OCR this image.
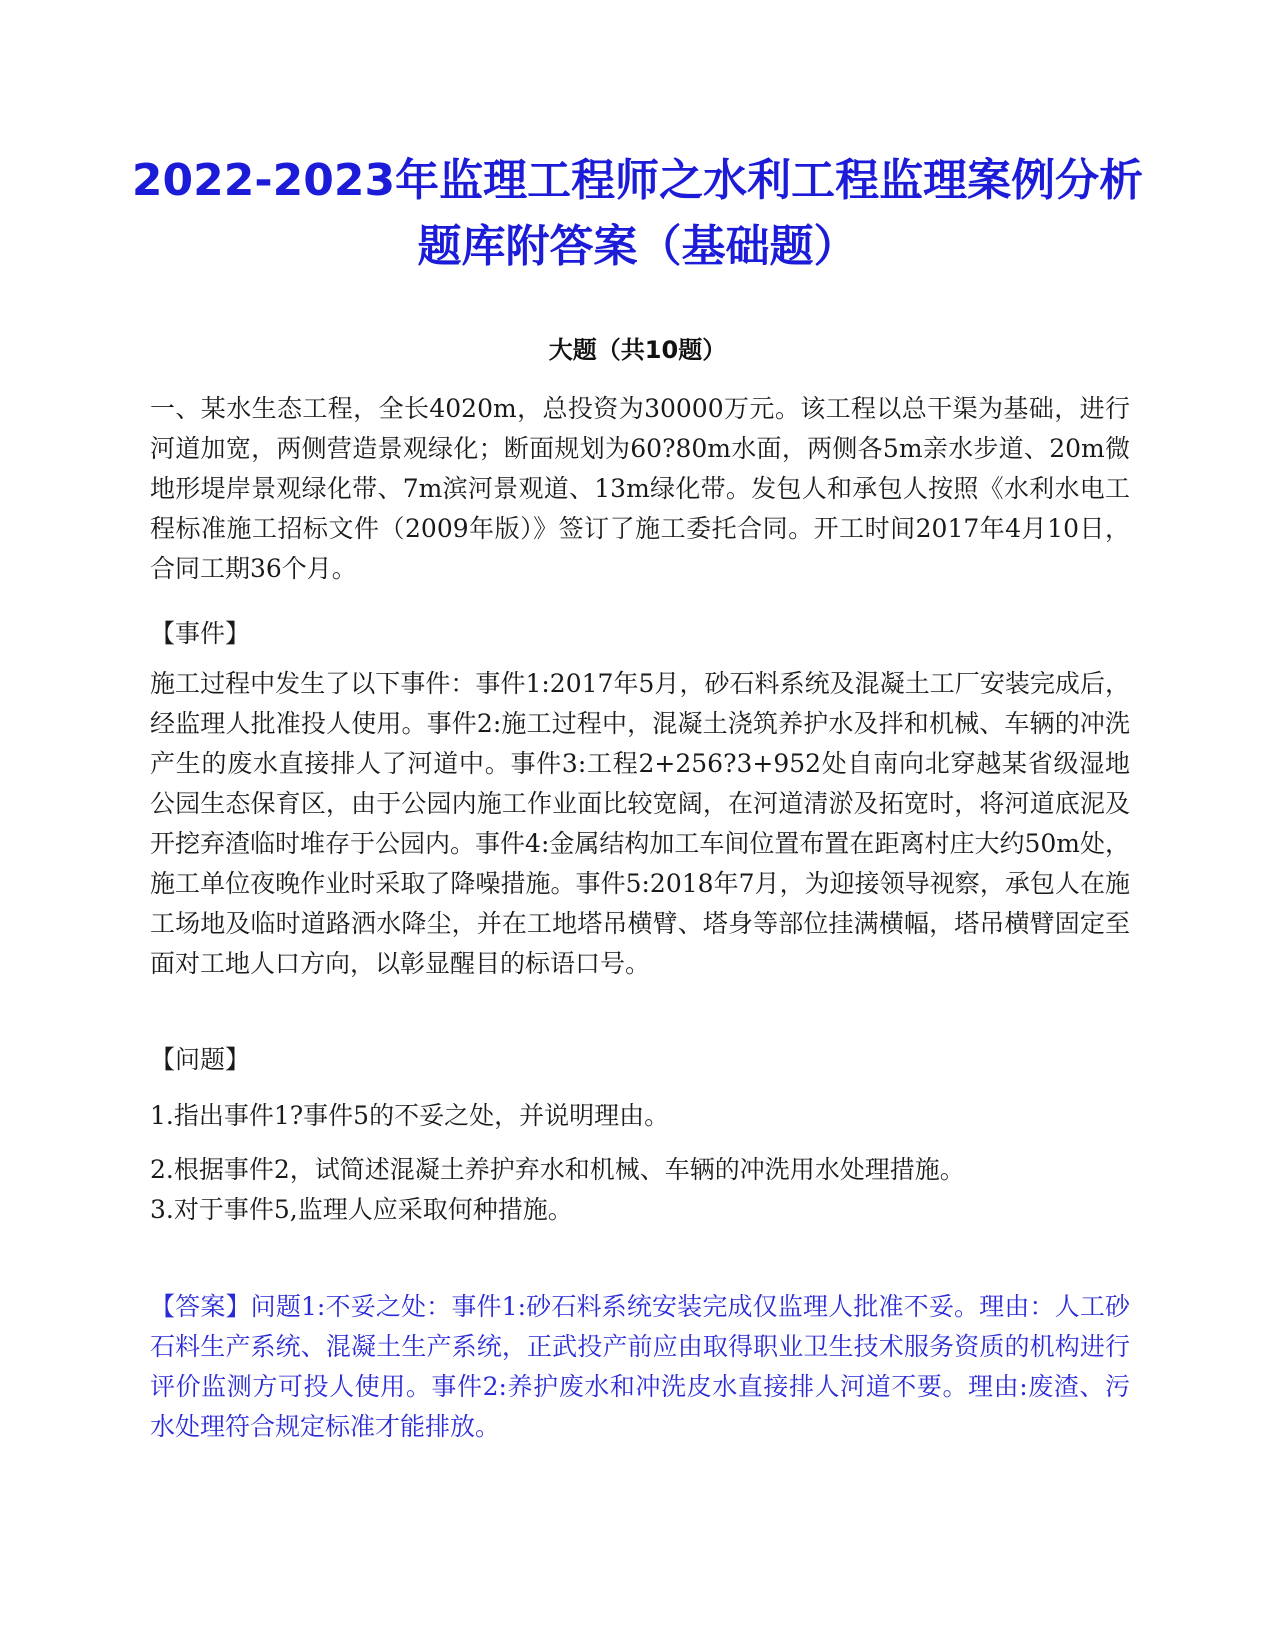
2022-2023年监理工程师之水利工程监理案例分析题库附答案（基础题）
大题（共10题）
一、某水生态工程，全长4020m，总投资为30000万元。该工程以总干渠为基础，进行河道加宽，两侧营造景观绿化；断面规划为60?80m水面，两侧各5m亲水步道、20m微地形堤岸景观绿化带、7m滨河景观道、13m绿化带。发包人和承包人按照《水利水电工程标准施工招标文件（2009年版）》签订了施工委托合同。开工时间2017年4月10日，合同工期36个月。
【事件】
施工过程中发生了以下事件：事件1:2017年5月，砂石料系统及混凝土工厂安装完成后，经监理人批准投人使用。事件2:施工过程中，混凝土浇筑养护水及拌和机械、车辆的冲洗产生的废水直接排人了河道中。事件3:工程2+256?3+952处自南向北穿越某省级湿地公园生态保育区，由于公园内施工作业面比较宽阔，在河道清淤及拓宽时，将河道底泥及开挖弃渣临时堆存于公园内。事件4:金属结构加工车间位置布置在距离村庄大约50m处，施工单位夜晚作业时采取了降噪措施。事件5:2018年7月，为迎接领导视察，承包人在施工场地及临时道路洒水降尘，并在工地塔吊横臂、塔身等部位挂满横幅，塔吊横臂固定至面对工地人口方向，以彰显醒目的标语口号。
【问题】
1.指出事件1?事件5的不妥之处，并说明理由。
2.根据事件2，试简述混凝土养护弃水和机械、车辆的冲洗用水处理措施。
3.对于事件5,监理人应采取何种措施。
【答案】问题1:不妥之处：事件1:砂石料系统安装完成仅监理人批准不妥。理由：人工砂石料生产系统、混凝土生产系统，正武投产前应由取得职业卫生技术服务资质的机构进行评价监测方可投人使用。事件2:养护废水和冲洗皮水直接排人河道不要。理由:废渣、污水处理符合规定标准才能排放。
